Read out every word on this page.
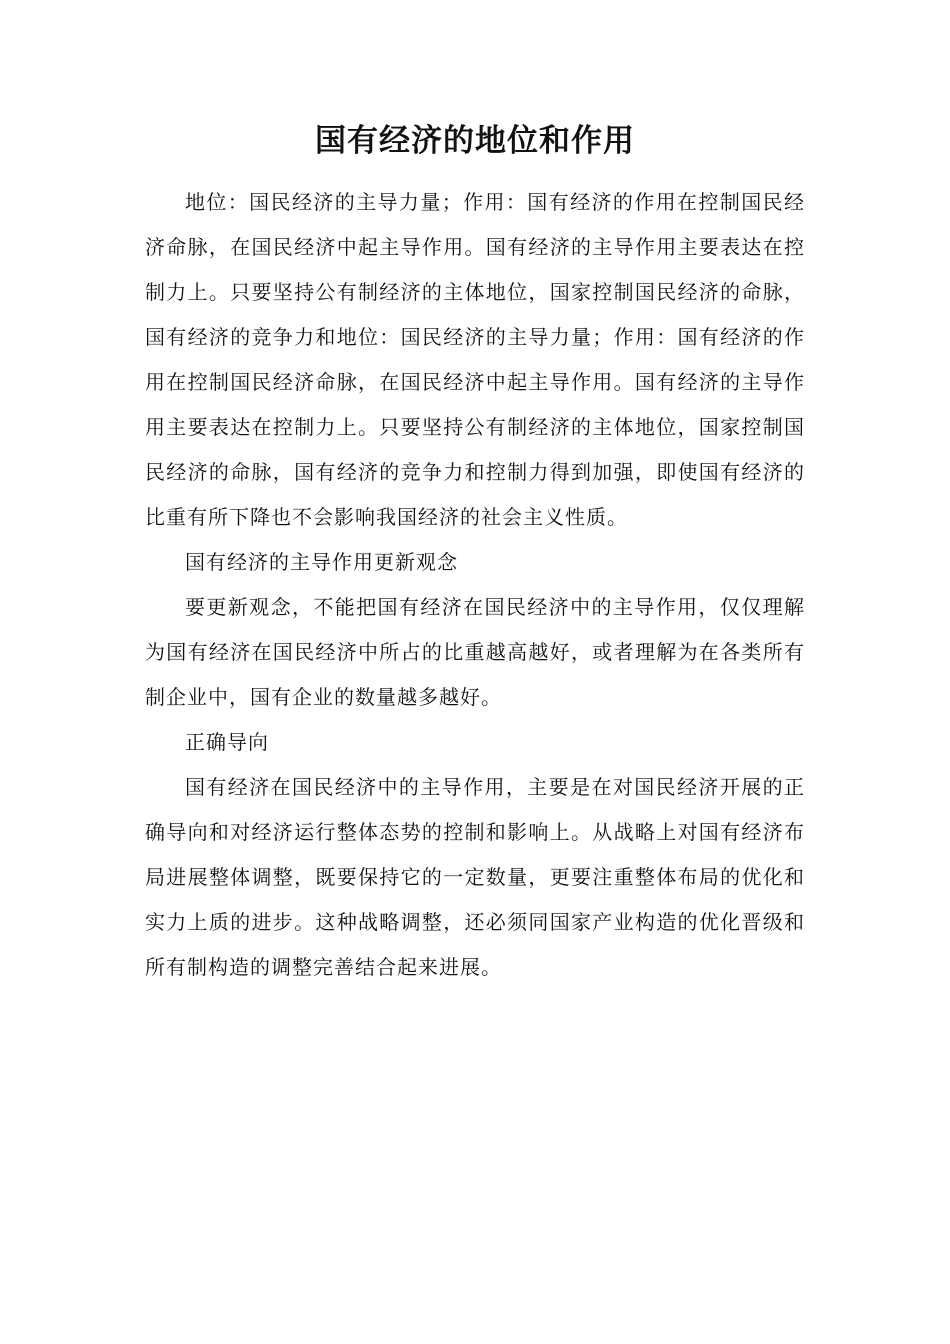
国有经济的地位和作用

地位：国民经济的主导力量；作用：国有经济的作用在控制国民经济命脉，在国民经济中起主导作用。国有经济的主导作用主要表达在控制力上。只要坚持公有制经济的主体地位，国家控制国民经济的命脉，国有经济的竞争力和地位：国民经济的主导力量；作用：国有经济的作用在控制国民经济命脉，在国民经济中起主导作用。国有经济的主导作用主要表达在控制力上。只要坚持公有制经济的主体地位，国家控制国民经济的命脉，国有经济的竞争力和控制力得到加强，即使国有经济的比重有所下降也不会影响我国经济的社会主义性质。

国有经济的主导作用更新观念

要更新观念，不能把国有经济在国民经济中的主导作用，仅仅理解为国有经济在国民经济中所占的比重越高越好，或者理解为在各类所有制企业中，国有企业的数量越多越好。

正确导向

国有经济在国民经济中的主导作用，主要是在对国民经济开展的正确导向和对经济运行整体态势的控制和影响上。从战略上对国有经济布局进展整体调整，既要保持它的一定数量，更要注重整体布局的优化和实力上质的进步。这种战略调整，还必须同国家产业构造的优化晋级和所有制构造的调整完善结合起来进展。
